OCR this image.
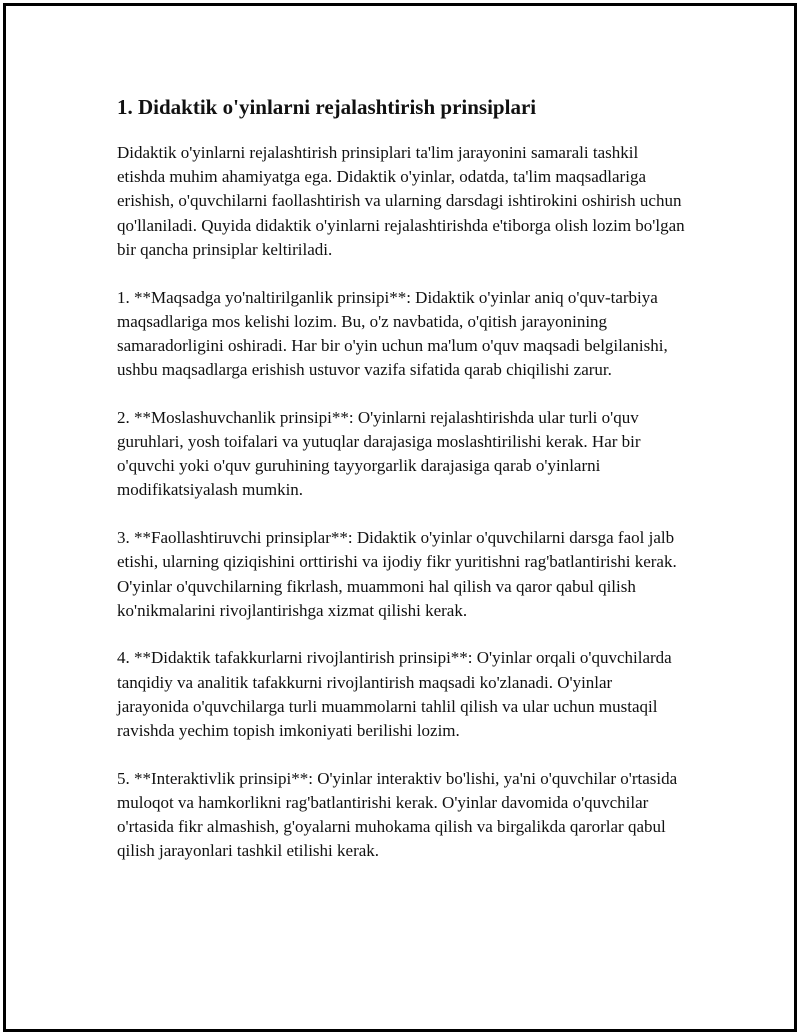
1. Didaktik o'yinlarni rejalashtirish prinsiplari

Didaktik o'yinlarni rejalashtirish prinsiplari ta'lim jarayonini samarali tashkil etishda muhim ahamiyatga ega. Didaktik o'yinlar, odatda, ta'lim maqsadlariga erishish, o'quvchilarni faollashtirish va ularning darsdagi ishtirokini oshirish uchun qo'llaniladi. Quyida didaktik o'yinlarni rejalashtirishda e'tiborga olish lozim bo'lgan bir qancha prinsiplar keltiriladi.

1. **Maqsadga yo'naltirilganlik prinsipi**: Didaktik o'yinlar aniq o'quv-tarbiya maqsadlariga mos kelishi lozim. Bu, o'z navbatida, o'qitish jarayonining samaradorligini oshiradi. Har bir o'yin uchun ma'lum o'quv maqsadi belgilanishi, ushbu maqsadlarga erishish ustuvor vazifa sifatida qarab chiqilishi zarur.

2. **Moslashuvchanlik prinsipi**: O'yinlarni rejalashtirishda ular turli o'quv guruhlari, yosh toifalari va yutuqlar darajasiga moslashtirilishi kerak. Har bir o'quvchi yoki o'quv guruhining tayyorgarlik darajasiga qarab o'yinlarni modifikatsiyalash mumkin.

3. **Faollashtiruvchi prinsiplar**: Didaktik o'yinlar o'quvchilarni darsga faol jalb etishi, ularning qiziqishini orttirishi va ijodiy fikr yuritishni rag'batlantirishi kerak. O'yinlar o'quvchilarning fikrlash, muammoni hal qilish va qaror qabul qilish ko'nikmalarini rivojlantirishga xizmat qilishi kerak.

4. **Didaktik tafakkurlarni rivojlantirish prinsipi**: O'yinlar orqali o'quvchilarda tanqidiy va analitik tafakkurni rivojlantirish maqsadi ko'zlanadi. O'yinlar jarayonida o'quvchilarga turli muammolarni tahlil qilish va ular uchun mustaqil ravishda yechim topish imkoniyati berilishi lozim.

5. **Interaktivlik prinsipi**: O'yinlar interaktiv bo'lishi, ya'ni o'quvchilar o'rtasida muloqot va hamkorlikni rag'batlantirishi kerak. O'yinlar davomida o'quvchilar o'rtasida fikr almashish, g'oyalarni muhokama qilish va birgalikda qarorlar qabul qilish jarayonlari tashkil etilishi kerak.
